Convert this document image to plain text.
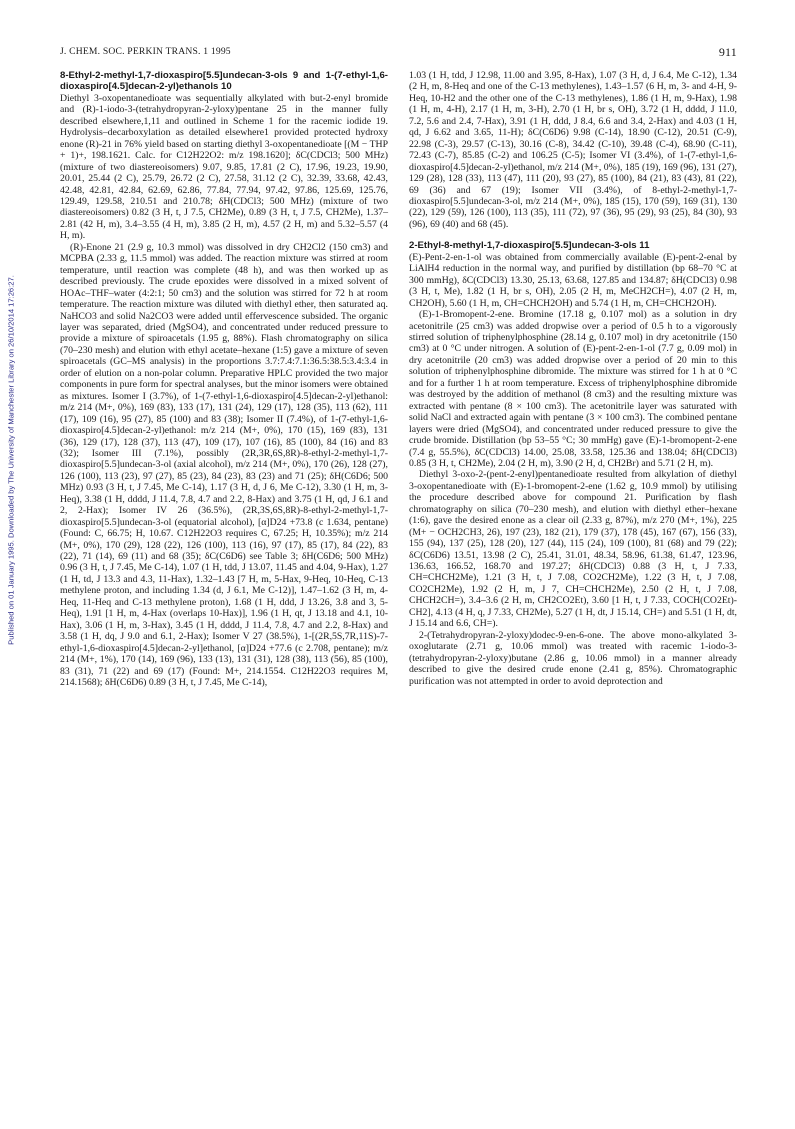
J. CHEM. SOC. PERKIN TRANS. 1 1995	911
Published on 01 January 1995. Downloaded by The University of Manchester Library on 26/10/2014 17:26:27.

8-Ethyl-2-methyl-1,7-dioxaspiro[5.5]undecan-3-ols 9 and 1-(7-ethyl-1,6-dioxaspiro[4.5]decan-2-yl)ethanols 10

Diethyl 3-oxopentanedioate was sequentially alkylated with but-2-enyl bromide and (R)-1-iodo-3-(tetrahydropyran-2-yloxy)pentane 25 in the manner fully described elsewhere,1,11 and outlined in Scheme 1 for the racemic iodide 19. Hydrolysis–decarboxylation as detailed elsewhere1 provided protected hydroxy enone (R)-21 in 76% yield based on starting diethyl 3-oxopentanedioate [(M − THP + 1)+, 198.1621. Calc. for C12H22O2: m/z 198.1620]; δC(CDCl3; 500 MHz) (mixture of two diastereoisomers) 9.07, 9.85, 17.81 (2 C), 17.96, 19.23, 19.90, 20.01, 25.44 (2 C), 25.79, 26.72 (2 C), 27.58, 31.12 (2 C), 32.39, 33.68, 42.43, 42.48, 42.81, 42.84, 62.69, 62.86, 77.84, 77.94, 97.42, 97.86, 125.69, 125.76, 129.49, 129.58, 210.51 and 210.78; δH(CDCl3; 500 MHz) (mixture of two diastereoisomers) 0.82 (3 H, t, J 7.5, CH2Me), 0.89 (3 H, t, J 7.5, CH2Me), 1.37–2.81 (42 H, m), 3.4–3.55 (4 H, m), 3.85 (2 H, m), 4.57 (2 H, m) and 5.32–5.57 (4 H, m).

(R)-Enone 21 (2.9 g, 10.3 mmol) was dissolved in dry CH2Cl2 (150 cm3) and MCPBA (2.33 g, 11.5 mmol) was added. The reaction mixture was stirred at room temperature, until reaction was complete (48 h), and was then worked up as described previously. The crude epoxides were dissolved in a mixed solvent of HOAc–THF–water (4:2:1; 50 cm3) and the solution was stirred for 72 h at room temperature. The reaction mixture was diluted with diethyl ether, then saturated aq. NaHCO3 and solid Na2CO3 were added until effervescence subsided. The organic layer was separated, dried (MgSO4), and concentrated under reduced pressure to provide a mixture of spiroacetals (1.95 g, 88%). Flash chromatography on silica (70–230 mesh) and elution with ethyl acetate–hexane (1:5) gave a mixture of seven spiroacetals (GC–MS analysis) in the proportions 3.7:7.4:7.1:36.5:38.5:3.4:3.4 in order of elution on a non-polar column. Preparative HPLC provided the two major components in pure form for spectral analyses, but the minor isomers were obtained as mixtures. Isomer I (3.7%), of 1-(7-ethyl-1,6-dioxaspiro[4.5]decan-2-yl)ethanol: m/z 214 (M+, 0%), 169 (83), 133 (17), 131 (24), 129 (17), 128 (35), 113 (62), 111 (17), 109 (16), 95 (27), 85 (100) and 83 (38); Isomer II (7.4%), of 1-(7-ethyl-1,6-dioxaspiro[4.5]decan-2-yl)ethanol: m/z 214 (M+, 0%), 170 (15), 169 (83), 131 (36), 129 (17), 128 (37), 113 (47), 109 (17), 107 (16), 85 (100), 84 (16) and 83 (32); Isomer III (7.1%), possibly (2R,3R,6S,8R)-8-ethyl-2-methyl-1,7-dioxaspiro[5.5]undecan-3-ol (axial alcohol), m/z 214 (M+, 0%), 170 (26), 128 (27), 126 (100), 113 (23), 97 (27), 85 (23), 84 (23), 83 (23) and 71 (25); δH(C6D6; 500 MHz) 0.93 (3 H, t, J 7.45, Me C-14), 1.17 (3 H, d, J 6, Me C-12), 3.30 (1 H, m, 3-Heq), 3.38 (1 H, dddd, J 11.4, 7.8, 4.7 and 2.2, 8-Hax) and 3.75 (1 H, qd, J 6.1 and 2, 2-Hax); Isomer IV 26 (36.5%), (2R,3S,6S,8R)-8-ethyl-2-methyl-1,7-dioxaspiro[5.5]undecan-3-ol (equatorial alcohol), [α]D24 +73.8 (c 1.634, pentane) (Found: C, 66.75; H, 10.67. C12H22O3 requires C, 67.25; H, 10.35%); m/z 214 (M+, 0%), 170 (29), 128 (22), 126 (100), 113 (16), 97 (17), 85 (17), 84 (22), 83 (22), 71 (14), 69 (11) and 68 (35); δC(C6D6) see Table 3; δH(C6D6; 500 MHz) 0.96 (3 H, t, J 7.45, Me C-14), 1.07 (1 H, tdd, J 13.07, 11.45 and 4.04, 9-Hax), 1.27 (1 H, td, J 13.3 and 4.3, 11-Hax), 1.32–1.43 [7 H, m, 5-Hax, 9-Heq, 10-Heq, C-13 methylene proton, and including 1.34 (d, J 6.1, Me C-12)], 1.47–1.62 (3 H, m, 4-Heq, 11-Heq and C-13 methylene proton), 1.68 (1 H, ddd, J 13.26, 3.8 and 3, 5-Heq), 1.91 [1 H, m, 4-Hax (overlaps 10-Hax)], 1.96 (1 H, qt, J 13.18 and 4.1, 10-Hax), 3.06 (1 H, m, 3-Hax), 3.45 (1 H, dddd, J 11.4, 7.8, 4.7 and 2.2, 8-Hax) and 3.58 (1 H, dq, J 9.0 and 6.1, 2-Hax); Isomer V 27 (38.5%), 1-[(2R,5S,7R,11S)-7-ethyl-1,6-dioxaspiro[4.5]decan-2-yl]ethanol, [α]D24 +77.6 (c 2.708, pentane); m/z 214 (M+, 1%), 170 (14), 169 (96), 133 (13), 131 (31), 128 (38), 113 (56), 85 (100), 83 (31), 71 (22) and 69 (17) (Found: M+, 214.1554. C12H22O3 requires M, 214.1568); δH(C6D6) 0.89 (3 H, t, J 7.45, Me C-14),

1.03 (1 H, tdd, J 12.98, 11.00 and 3.95, 8-Hax), 1.07 (3 H, d, J 6.4, Me C-12), 1.34 (2 H, m, 8-Heq and one of the C-13 methylenes), 1.43–1.57 (6 H, m, 3- and 4-H, 9-Heq, 10-H2 and the other one of the C-13 methylenes), 1.86 (1 H, m, 9-Hax), 1.98 (1 H, m, 4-H), 2.17 (1 H, m, 3-H), 2.70 (1 H, br s, OH), 3.72 (1 H, dddd, J 11.0, 7.2, 5.6 and 2.4, 7-Hax), 3.91 (1 H, ddd, J 8.4, 6.6 and 3.4, 2-Hax) and 4.03 (1 H, qd, J 6.62 and 3.65, 11-H); δC(C6D6) 9.98 (C-14), 18.90 (C-12), 20.51 (C-9), 22.98 (C-3), 29.57 (C-13), 30.16 (C-8), 34.42 (C-10), 39.48 (C-4), 68.90 (C-11), 72.43 (C-7), 85.85 (C-2) and 106.25 (C-5); Isomer VI (3.4%), of 1-(7-ethyl-1,6-dioxaspiro[4.5]decan-2-yl)ethanol, m/z 214 (M+, 0%), 185 (19), 169 (96), 131 (27), 129 (28), 128 (33), 113 (47), 111 (20), 93 (27), 85 (100), 84 (21), 83 (43), 81 (22), 69 (36) and 67 (19); Isomer VII (3.4%), of 8-ethyl-2-methyl-1,7-dioxaspiro[5.5]undecan-3-ol, m/z 214 (M+, 0%), 185 (15), 170 (59), 169 (31), 130 (22), 129 (59), 126 (100), 113 (35), 111 (72), 97 (36), 95 (29), 93 (25), 84 (30), 93 (96), 69 (40) and 68 (45).

2-Ethyl-8-methyl-1,7-dioxaspiro[5.5]undecan-3-ols 11

(E)-Pent-2-en-1-ol was obtained from commercially available (E)-pent-2-enal by LiAlH4 reduction in the normal way, and purified by distillation (bp 68–70 °C at 300 mmHg), δC(CDCl3) 13.30, 25.13, 63.68, 127.85 and 134.87; δH(CDCl3) 0.98 (3 H, t, Me), 1.82 (1 H, br s, OH), 2.05 (2 H, m, MeCH2CH=), 4.07 (2 H, m, CH2OH), 5.60 (1 H, m, CH=CHCH2OH) and 5.74 (1 H, m, CH=CHCH2OH).

(E)-1-Bromopent-2-ene. Bromine (17.18 g, 0.107 mol) as a solution in dry acetonitrile (25 cm3) was added dropwise over a period of 0.5 h to a vigorously stirred solution of triphenylphosphine (28.14 g, 0.107 mol) in dry acetonitrile (150 cm3) at 0 °C under nitrogen. A solution of (E)-pent-2-en-1-ol (7.7 g, 0.09 mol) in dry acetonitrile (20 cm3) was added dropwise over a period of 20 min to this solution of triphenylphosphine dibromide. The mixture was stirred for 1 h at 0 °C and for a further 1 h at room temperature. Excess of triphenylphosphine dibromide was destroyed by the addition of methanol (8 cm3) and the resulting mixture was extracted with pentane (8 × 100 cm3). The acetonitrile layer was saturated with solid NaCl and extracted again with pentane (3 × 100 cm3). The combined pentane layers were dried (MgSO4), and concentrated under reduced pressure to give the crude bromide. Distillation (bp 53–55 °C; 30 mmHg) gave (E)-1-bromopent-2-ene (7.4 g, 55.5%), δC(CDCl3) 14.00, 25.08, 33.58, 125.36 and 138.04; δH(CDCl3) 0.85 (3 H, t, CH2Me), 2.04 (2 H, m), 3.90 (2 H, d, CH2Br) and 5.71 (2 H, m).

Diethyl 3-oxo-2-(pent-2-enyl)pentanedioate resulted from alkylation of diethyl 3-oxopentanedioate with (E)-1-bromopent-2-ene (1.62 g, 10.9 mmol) by utilising the procedure described above for compound 21. Purification by flash chromatography on silica (70–230 mesh), and elution with diethyl ether–hexane (1:6), gave the desired enone as a clear oil (2.33 g, 87%), m/z 270 (M+, 1%), 225 (M+ − OCH2CH3, 26), 197 (23), 182 (21), 179 (37), 178 (45), 167 (67), 156 (33), 155 (94), 137 (25), 128 (20), 127 (44), 115 (24), 109 (100), 81 (68) and 79 (22); δC(C6D6) 13.51, 13.98 (2 C), 25.41, 31.01, 48.34, 58.96, 61.38, 61.47, 123.96, 136.63, 166.52, 168.70 and 197.27; δH(CDCl3) 0.88 (3 H, t, J 7.33, CH=CHCH2Me), 1.21 (3 H, t, J 7.08, CO2CH2Me), 1.22 (3 H, t, J 7.08, CO2CH2Me), 1.92 (2 H, m, J 7, CH=CHCH2Me), 2.50 (2 H, t, J 7.08, CHCH2CH=), 3.4–3.6 (2 H, m, CH2CO2Et), 3.60 [1 H, t, J 7.33, COCH(CO2Et)-CH2], 4.13 (4 H, q, J 7.33, CH2Me), 5.27 (1 H, dt, J 15.14, CH=) and 5.51 (1 H, dt, J 15.14 and 6.6, CH=).

2-(Tetrahydropyran-2-yloxy)dodec-9-en-6-one. The above mono-alkylated 3-oxoglutarate (2.71 g, 10.06 mmol) was treated with racemic 1-iodo-3-(tetrahydropyran-2-yloxy)butane (2.86 g, 10.06 mmol) in a manner already described to give the desired crude enone (2.41 g, 85%). Chromatographic purification was not attempted in order to avoid deprotection and
